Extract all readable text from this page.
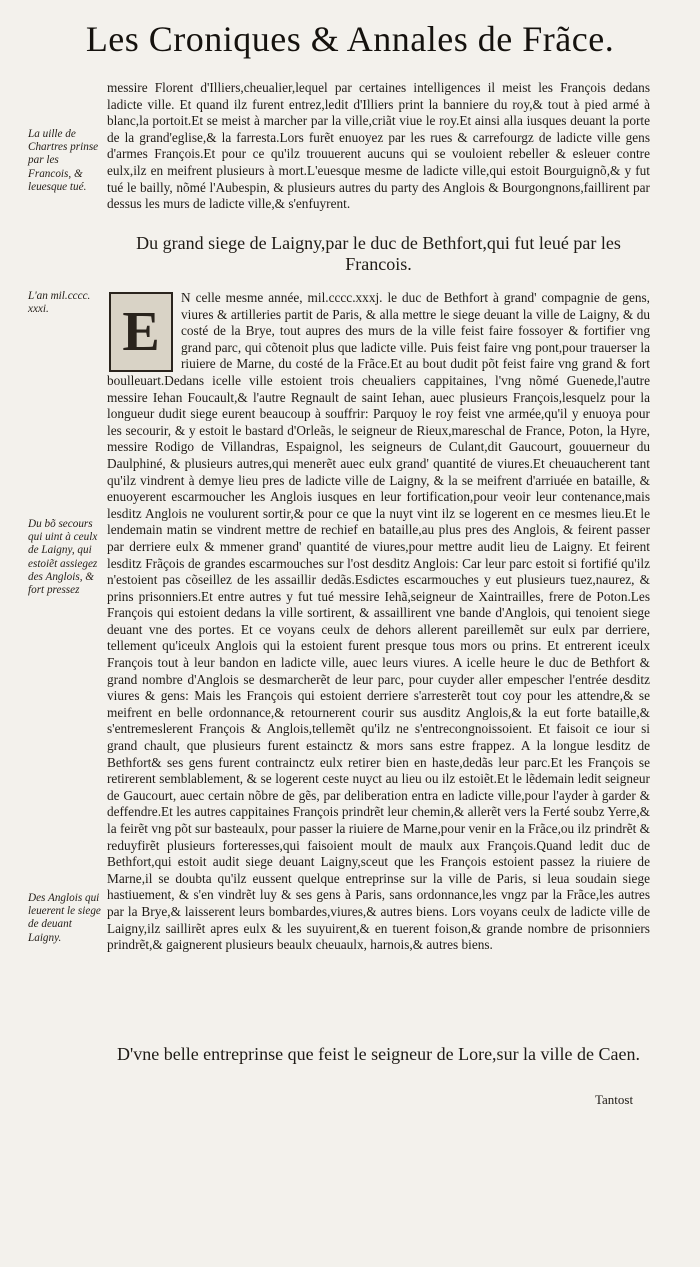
Les Croniques & Annales de Frãce.
La uille de Chartres prinse par les Francois, & leuesque tué.
messire Florent d'Illiers,cheualier,lequel par certaines intelligences il meist les François dedans ladicte ville. Et quand ilz furent entrez,ledit d'Illiers print la banniere du roy,& tout à pied armé à blanc,la portoit.Et se meist à marcher par la ville,criãt viue le roy.Et ainsi alla iusques deuant la porte de la grand'eglise,& la farresta.Lors furẽt enuoyez par les rues & carrefourgz de ladicte ville gens d'armes François.Et pour ce qu'ilz trouuerent aucuns qui se vouloient rebeller & esleuer contre eulx,ilz en meifrent plusieurs à mort.L'euesque mesme de ladicte ville,qui estoit Bourguignõ,& y fut tué le bailly, nõmé l'Aubespin, & plusieurs autres du party des Anglois & Bourgongnons,faillirent par dessus les murs de ladicte ville,& s'enfuyrent.
Du grand siege de Laigny,par le duc de Bethfort,qui fut leué par les Francois.
L'an mil.cccc. xxxi.
Du bõ secours qui uint à ceulx de Laigny, qui estoiẽt assiegez des Anglois, & fort pressez
Des Anglois qui leuerent le siege de deuant Laigny.
E
N celle mesme année, mil.cccc.xxxj. le duc de Bethfort à grand' compagnie de gens, viures & artilleries partit de Paris, & alla mettre le siege deuant la ville de Laigny, & du costé de la Brye, tout aupres des murs de la ville feist faire fossoyer & fortifier vng grand parc, qui cõtenoit plus que ladicte ville. Puis feist faire vng pont,pour trauerser la riuiere de Marne, du costé de la Frãce.Et au bout dudit põt feist faire vng grand & fort boulleuart.Dedans icelle ville estoient trois cheualiers cappitaines, l'vng nõmé Guenede,l'autre messire Iehan Foucault,& l'autre Regnault de saint Iehan, auec plusieurs François,lesquelz pour la longueur dudit siege eurent beaucoup à souffrir: Parquoy le roy feist vne armée,qu'il y enuoya pour les secourir, & y estoit le bastard d'Orleãs, le seigneur de Rieux,mareschal de France, Poton, la Hyre, messire Rodigo de Villandras, Espaignol, les seigneurs de Culant,dit Gaucourt, gouuerneur du Daulphiné, & plusieurs autres,qui menerẽt auec eulx grand' quantité de viures.Et cheuaucherent tant qu'ilz vindrent à demye lieu pres de ladicte ville de Laigny, & la se meifrent d'arriuée en bataille, & enuoyerent escarmoucher les Anglois iusques en leur fortification,pour veoir leur contenance,mais lesditz Anglois ne voulurent sortir,& pour ce que la nuyt vint ilz se logerent en ce mesmes lieu.Et le lendemain matin se vindrent mettre de rechief en bataille,au plus pres des Anglois, & feirent passer par derriere eulx & mmener grand' quantité de viures,pour mettre audit lieu de Laigny. Et feirent lesditz Frãçois de grandes escarmouches sur l'ost desditz Anglois: Car leur parc estoit si fortifié qu'ilz n'estoient pas cõseillez de les assaillir dedãs.Esdictes escarmouches y eut plusieurs tuez,naurez, & prins prisonniers.Et entre autres y fut tué messire Iehã,seigneur de Xaintrailles, frere de Poton.Les François qui estoient dedans la ville sortirent, & assaillirent vne bande d'Anglois, qui tenoient siege deuant vne des portes. Et ce voyans ceulx de dehors allerent pareillemẽt sur eulx par derriere, tellement qu'iceulx Anglois qui la estoient furent presque tous mors ou prins. Et entrerent iceulx François tout à leur bandon en ladicte ville, auec leurs viures. A icelle heure le duc de Bethfort & grand nombre d'Anglois se desmarcherẽt de leur parc, pour cuyder aller empescher l'entrée desditz viures & gens: Mais les François qui estoient derriere s'arresterẽt tout coy pour les attendre,& se meifrent en belle ordonnance,& retournerent courir sus ausditz Anglois,& la eut forte bataille,& s'entremeslerent François & Anglois,tellemẽt qu'ilz ne s'entrecongnoissoient. Et faisoit ce iour si grand chault, que plusieurs furent estainctz & mors sans estre frappez. A la longue lesditz de Bethfort& ses gens furent contrainctz eulx retirer bien en haste,dedãs leur parc.Et les François se retirerent semblablement, & se logerent ceste nuyct au lieu ou ilz estoiẽt.Et le lẽdemain ledit seigneur de Gaucourt, auec certain nõbre de gẽs, par deliberation entra en ladicte ville,pour l'ayder à garder & deffendre.Et les autres cappitaines François prindrẽt leur chemin,& allerẽt vers la Ferté soubz Yerre,& la feirẽt vng põt sur basteaulx, pour passer la riuiere de Marne,pour venir en la Frãce,ou ilz prindrẽt & reduyfirẽt plusieurs forteresses,qui faisoient moult de maulx aux François.Quand ledit duc de Bethfort,qui estoit audit siege deuant Laigny,sceut que les François estoient passez la riuiere de Marne,il se doubta qu'ilz eussent quelque entreprinse sur la ville de Paris, si leua soudain siege hastiuement, & s'en vindrẽt luy & ses gens à Paris, sans ordonnance,les vngz par la Frãce,les autres par la Brye,& laisserent leurs bombardes,viures,& autres biens. Lors voyans ceulx de ladicte ville de Laigny,ilz saillirẽt apres eulx & les suyuirent,& en tuerent foison,& grande nombre de prisonniers prindrẽt,& gaignerent plusieurs beaulx cheuaulx, harnois,& autres biens.
D'vne belle entreprinse que feist le seigneur de Lore,sur la ville de Caen.
Tantost
